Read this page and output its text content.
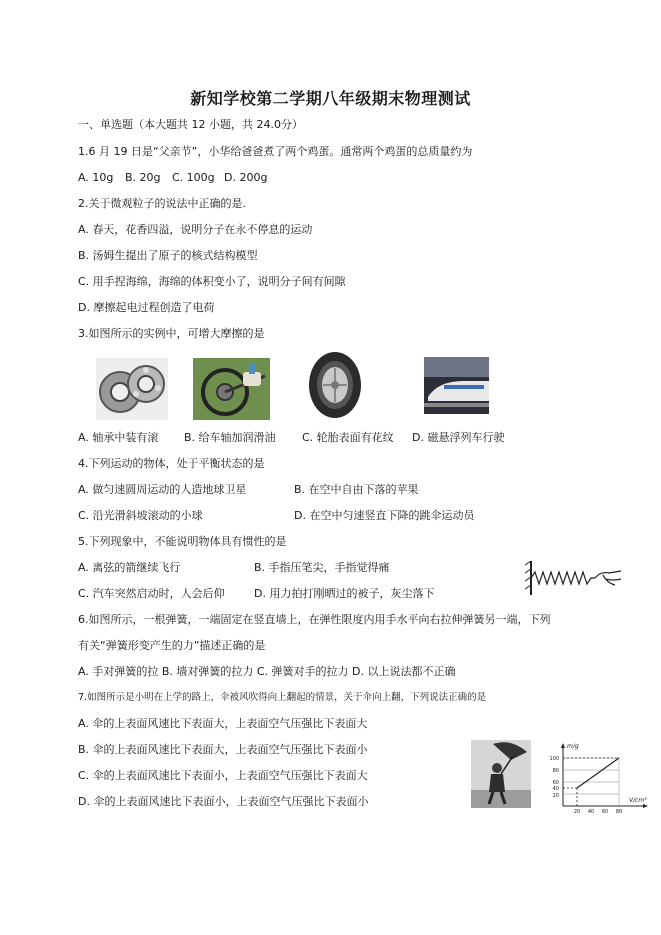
新知学校第二学期八年级期末物理测试
一、单选题（本大题共 12 小题，共 24.0分）
1.6 月 19 日是“父亲节”，小华给爸爸煮了两个鸡蛋。通常两个鸡蛋的总质量约为
A. 10g B. 20g C. 100g D. 200g
2.关于微观粒子的说法中正确的是.
A. 春天，花香四溢，说明分子在永不停息的运动
B. 汤姆生提出了原子的核式结构模型
C. 用手捏海绵，海绵的体积变小了，说明分子间有间隙
D. 摩擦起电过程创造了电荷
3.如图所示的实例中，可增大摩擦的是
A. 轴承中装有滚 B. 给车轴加润滑油 C. 轮胎表面有花纹 D. 磁悬浮列车行驶
4.下列运动的物体，处于平衡状态的是
A. 做匀速圆周运动的人造地球卫星	B. 在空中自由下落的苹果
C. 沿光滑斜坡滚动的小球	D. 在空中匀速竖直下降的跳伞运动员
5.下列现象中，不能说明物体具有惯性的是
A. 离弦的箭继续飞行	B. 手指压笔尖，手指觉得痛
C. 汽车突然启动时，人会后仰	D. 用力拍打刚晒过的被子，灰尘落下
6.如图所示，一根弹簧，一端固定在竖直墙上，在弹性限度内用手水平向右拉伸弹簧另一端，下列
有关“弹簧形变产生的力”描述正确的是
A. 手对弹簧的拉 B. 墙对弹簧的拉力 C. 弹簧对手的拉力 D. 以上说法都不正确
7.如图所示是小明在上学的路上，伞被风吹得向上翻起的情景，关于伞向上翻，下列说法正确的是
A. 伞的上表面风速比下表面大，上表面空气压强比下表面大
B. 伞的上表面风速比下表面大，上表面空气压强比下表面小
C. 伞的上表面风速比下表面小，上表面空气压强比下表面大
D. 伞的上表面风速比下表面小，上表面空气压强比下表面小
m/g
V/cm³
100
80
60
40
20
20 40 60 80
